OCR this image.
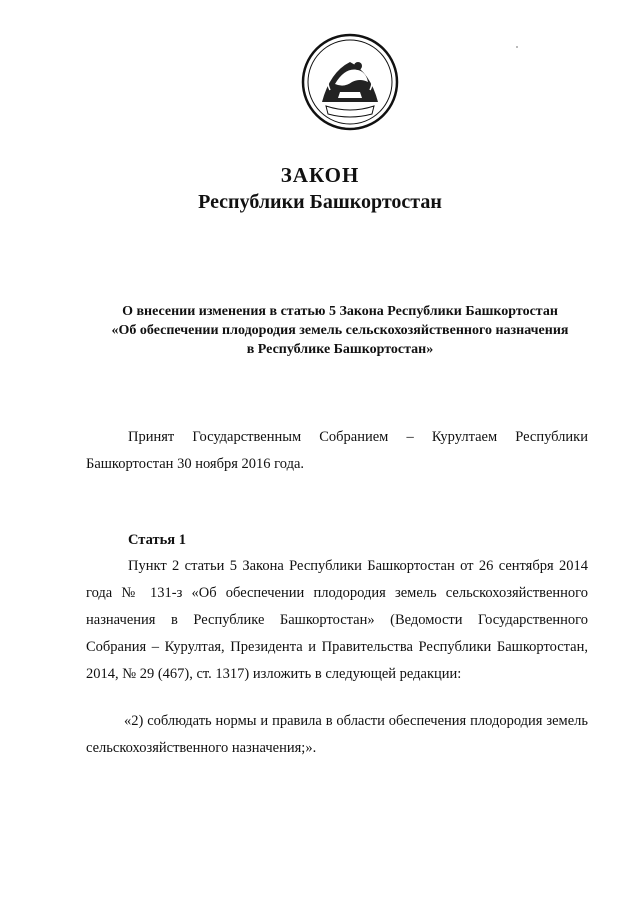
ЗАКОН
Республики Башкортостан
О внесении изменения в статью 5 Закона Республики Башкортостан
«Об обеспечении плодородия земель сельскохозяйственного назначения
в Республике Башкортостан»
Принят Государственным Собранием – Курултаем Республики Башкортостан 30 ноября 2016 года.
Статья 1
Пункт 2 статьи 5 Закона Республики Башкортостан от 26 сентября 2014 года № 131-з «Об обеспечении плодородия земель сельскохозяйственного назначения в Республике Башкортостан» (Ведомости Государственного Собрания – Курултая, Президента и Правительства Республики Башкортостан, 2014, № 29 (467), ст. 1317) изложить в следующей редакции:
«2) соблюдать нормы и правила в области обеспечения плодородия земель сельскохозяйственного назначения;».
